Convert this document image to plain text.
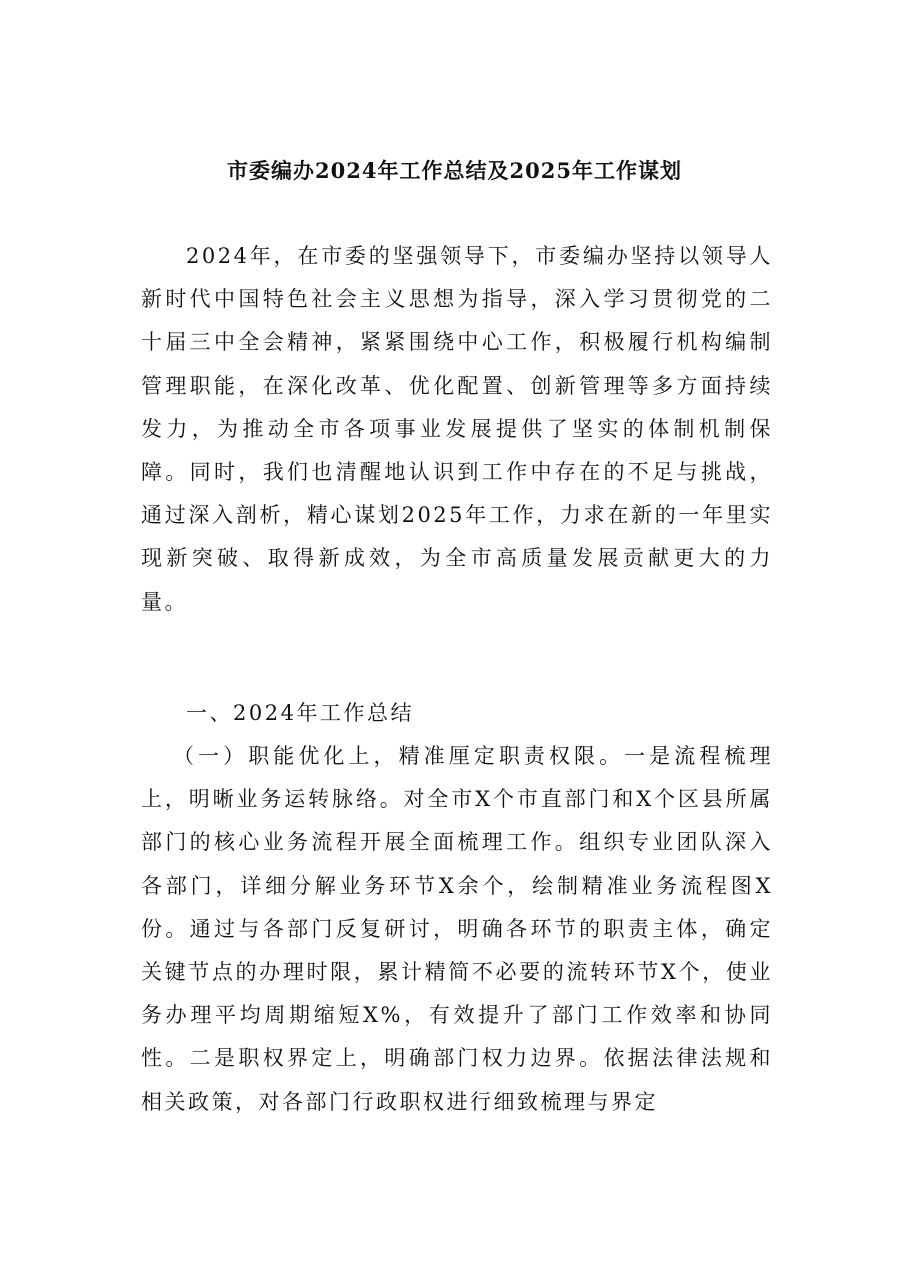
市委编办2024年工作总结及2025年工作谋划

2024年，在市委的坚强领导下，市委编办坚持以领导人新时代中国特色社会主义思想为指导，深入学习贯彻党的二十届三中全会精神，紧紧围绕中心工作，积极履行机构编制管理职能，在深化改革、优化配置、创新管理等多方面持续发力，为推动全市各项事业发展提供了坚实的体制机制保障。同时，我们也清醒地认识到工作中存在的不足与挑战，通过深入剖析，精心谋划2025年工作，力求在新的一年里实现新突破、取得新成效，为全市高质量发展贡献更大的力量。

一、2024年工作总结

（一）职能优化上，精准厘定职责权限。一是流程梳理上，明晰业务运转脉络。对全市X个市直部门和X个区县所属部门的核心业务流程开展全面梳理工作。组织专业团队深入各部门，详细分解业务环节X余个，绘制精准业务流程图X份。通过与各部门反复研讨，明确各环节的职责主体，确定关键节点的办理时限，累计精简不必要的流转环节X个，使业务办理平均周期缩短X%，有效提升了部门工作效率和协同性。二是职权界定上，明确部门权力边界。依据法律法规和相关政策，对各部门行政职权进行细致梳理与界定
